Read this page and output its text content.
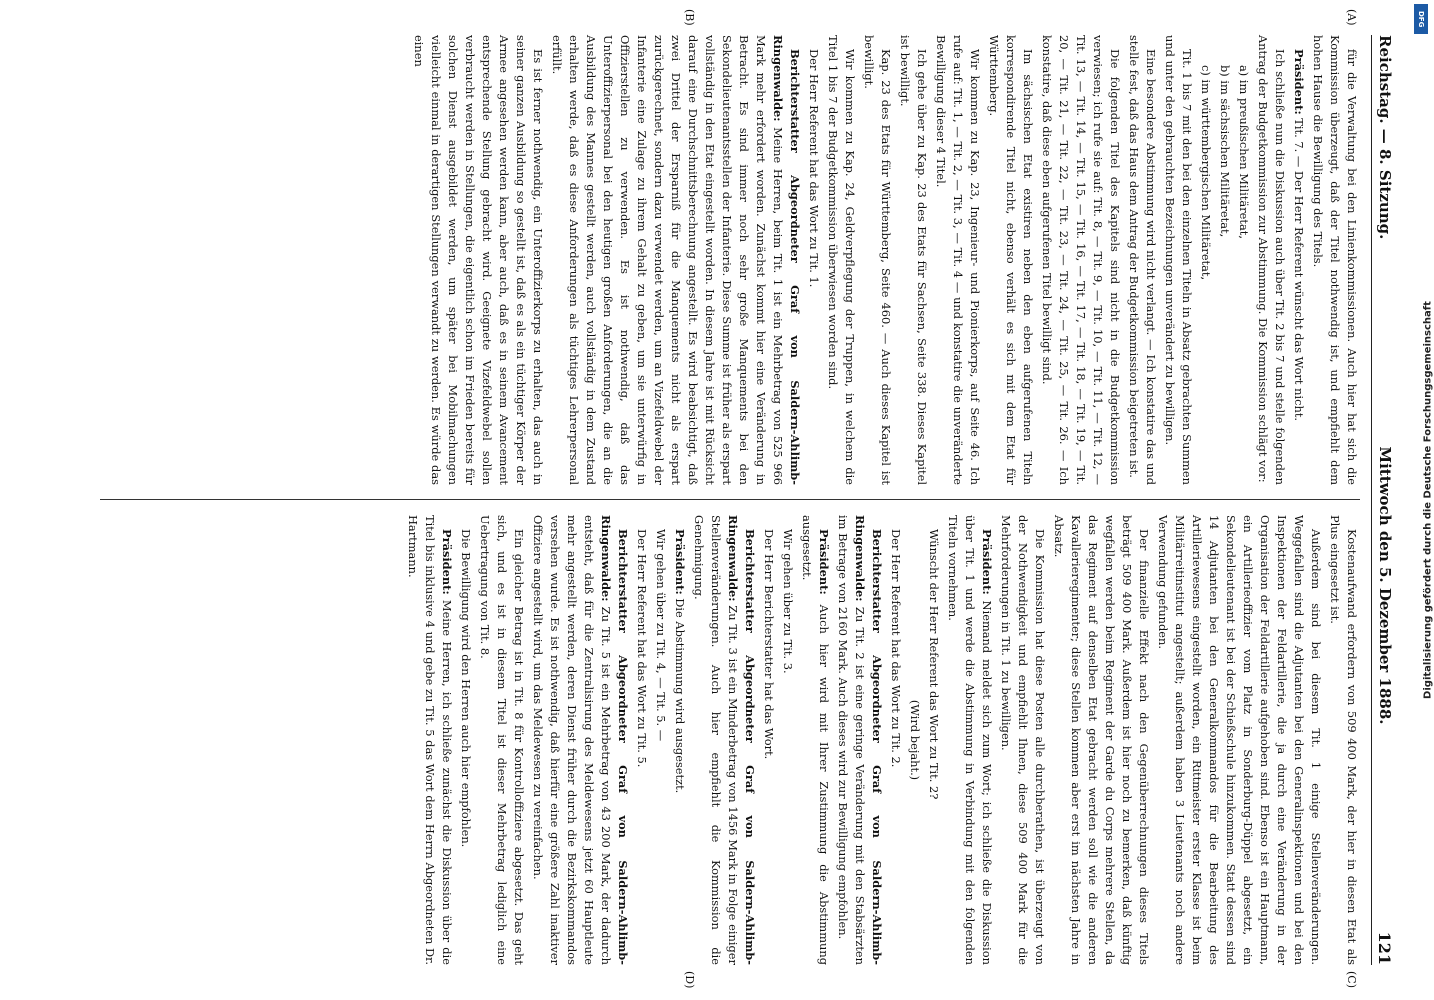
Reichstag. — 8. Sitzung.
Mittwoch den 5. Dezember 1888.
121
(A)
(B)
(C)
(D)

für die Verwaltung bei den Linienkommissionen. Auch hier hat sich die Kommission überzeugt, daß der Titel nothwendig ist, und empfiehlt dem hohen Hause die Bewilligung des Titels.

Präsident: Tit. 7. — Der Herr Referent wünscht das Wort nicht.

Ich schließe nun die Diskussion auch über Tit. 2 bis 7 und stelle folgenden Antrag der Budgetkommission zur Abstimmung. Die Kommission schlägt vor:

a) im preußischen Militäretat,

b) im sächsischen Militäretat,

c) im württembergischen Militäretat,

Tit. 1 bis 7 mit den bei den einzelnen Titeln in Absatz gebrachten Summen und unter den gebrauchten Bezeichnungen unverändert zu bewilligen.

Eine besondere Abstimmung wird nicht verlangt. — Ich konstatire das und stelle fest, daß das Haus dem Antrag der Budgetkommission beigetreten ist.

Die folgenden Titel des Kapitels sind nicht in die Budgetkommission verwiesen; ich rufe sie auf: Tit. 8, — Tit. 9, — Tit. 10, — Tit. 11, — Tit. 12, — Tit. 13, — Tit. 14, — Tit. 15, — Tit. 16, — Tit. 17, — Tit. 18, — Tit. 19, — Tit. 20, — Tit. 21, — Tit. 22, — Tit. 23, — Tit. 24, — Tit. 25, — Tit. 26. — Ich konstatire, daß diese eben aufgerufenen Titel bewilligt sind.

Im sächsischen Etat existiren neben den eben aufgerufenen Titeln korrespondirende Titel nicht, ebenso verhält es sich mit dem Etat für Württemberg.

Wir kommen zu Kap. 23, Ingenieur- und Pionierkorps, auf Seite 46. Ich rufe auf: Tit. 1, — Tit. 2, — Tit. 3, — Tit. 4 — und konstatire die unveränderte Bewilligung dieser 4 Titel.

Ich gehe über zu Kap. 23 des Etats für Sachsen, Seite 338. Dieses Kapitel ist bewilligt.

Kap. 23 des Etats für Württemberg, Seite 460. — Auch dieses Kapitel ist bewilligt.

Wir kommen zu Kap. 24, Geldverpflegung der Truppen, in welchem die Titel 1 bis 7 der Budgetkommission überwiesen worden sind.

Der Herr Referent hat das Wort zu Tit. 1.

Berichterstatter Abgeordneter Graf von Saldern-Ahlimb-Ringenwalde: Meine Herren, beim Tit. 1 ist ein Mehrbetrag von 525 966 Mark mehr erfordert worden. Zunächst kommt hier eine Veränderung in Betracht. Es sind immer noch sehr große Manquements bei den Sekondelieutenantsstellen der Infanterie. Diese Summe ist früher als erspart vollständig in den Etat eingestellt worden. In diesem Jahre ist mit Rücksicht darauf eine Durchschnittsberechnung angestellt. Es wird beabsichtigt, daß zwei Drittel der Ersparniß für die Manquements nicht als erspart zurückgerechnet, sondern dazu verwendet werden, um an Vizefeldwebel der Infanterie eine Zulage zu ihrem Gehalt zu geben, um sie unterwürfig in Offizierstellen zu verwenden. Es ist nothwendig, daß das Unteroffizierpersonal bei den heutigen großen Anforderungen, die an die Ausbildung des Mannes gestellt werden, auch vollständig in dem Zustand erhalten werde, daß es diese Anforderungen als tüchtiges Lehrerpersonal erfüllt.

Es ist ferner nothwendig, ein Unteroffizierkorps zu erhalten, das auch in seiner ganzen Ausbildung so gestellt ist, daß es als ein tüchtiger Körper der Armee angesehen werden kann, aber auch, daß es in seinem Avancement entsprechende Stellung gebracht wird. Geeignete Vizefeldwebel sollen verbraucht werden in Stellungen, die eigentlich schon im Frieden bereits für solchen Dienst ausgebildet werden, um später bei Mobilmachungen vielleicht einmal in derartigen Stellungen verwandt zu werden. Es würde das einen

Kostenaufwand erfordern von 509 400 Mark, der hier in diesen Etat als Plus eingesetzt ist.

Außerdem sind bei diesem Tit. 1 einige Stellenveränderungen. Weggefallen sind die Adjutanten bei den Generalinspektionen und bei den Inspektionen der Feldartillerie, die ja durch eine Veränderung in der Organisation der Feldartillerie aufgehoben sind. Ebenso ist ein Hauptmann, ein Artillerieoffizier vom Platz in Sonderburg-Düppel abgesetzt, ein Sekondelieutenant ist bei der Schießschule hinzukommen. Statt dessen sind 14 Adjutanten bei den Generalkommandos für die Bearbeitung des Artilleriewesens eingestellt worden, ein Rittmeister erster Klasse ist beim Militärreitinstitut angestellt; außerdem haben 3 Lieutenants noch andere Verwendung gefunden.

Der finanzielle Effekt nach den Gegenüberrechnungen dieses Titels beträgt 509 400 Mark. Außerdem ist hier noch zu bemerken, daß künftig wegfallen werden beim Regiment der Garde du Corps mehrere Stellen, da das Regiment auf denselben Etat gebracht werden soll wie die anderen Kavallerieregimenter; diese Stellen kommen aber erst im nächsten Jahre in Absatz.

Die Kommission hat diese Posten alle durchberathen, ist überzeugt von der Nothwendigkeit und empfiehlt Ihnen, diese 509 400 Mark für die Mehrforderungen in Tit. 1 zu bewilligen.

Präsident: Niemand meldet sich zum Wort; ich schließe die Diskussion über Tit. 1 und werde die Abstimmung in Verbindung mit den folgenden Titeln vornehmen.

Wünscht der Herr Referent das Wort zu Tit. 2?

(Wird bejaht.)

Der Herr Referent hat das Wort zu Tit. 2.

Berichterstatter Abgeordneter Graf von Saldern-Ahlimb-Ringenwalde: Zu Tit. 2 ist eine geringe Veränderung mit den Stabsärzten im Betrage von 2160 Mark. Auch dieses wird zur Bewilligung empfohlen.

Präsident: Auch hier wird mit Ihrer Zustimmung die Abstimmung ausgesetzt.

Wir gehen über zu Tit. 3.

Der Herr Berichterstatter hat das Wort.

Berichterstatter Abgeordneter Graf von Saldern-Ahlimb-Ringenwalde: Zu Tit. 3 ist ein Minderbetrag von 1456 Mark in Folge einiger Stellenveränderungen. Auch hier empfiehlt die Kommission die Genehmigung.

Präsident: Die Abstimmung wird ausgesetzt.

Wir gehen über zu Tit. 4, — Tit. 5. —

Der Herr Referent hat das Wort zu Tit. 5.

Berichterstatter Abgeordneter Graf von Saldern-Ahlimb-Ringenwalde: Zu Tit. 5 ist ein Mehrbetrag von 43 200 Mark, der dadurch entsteht, daß für die Zentralisirung des Meldewesens jetzt 60 Hauptleute mehr angestellt werden, deren Dienst früher durch die Bezirkskommandos versehen wurde. Es ist nothwendig, daß hierfür eine größere Zahl inaktiver Offiziere angestellt wird, um das Meldewesen zu vereinfachen.

Ein gleicher Betrag ist in Tit. 8 für Kontrolloffiziere abgesetzt. Das geht sich, und es ist in diesem Titel ist dieser Mehrbetrag lediglich eine Uebertragung von Tit. 8.

Die Bewilligung wird den Herren auch hier empfohlen.

Präsident: Meine Herren, ich schließe zunächst die Diskussion über die Titel bis inklusive 4 und gebe zu Tit. 5 das Wort dem Herrn Abgeordneten Dr. Hartmann.

DFG
Digitalisierung gefördert durch die Deutsche Forschungsgemeinschaft
